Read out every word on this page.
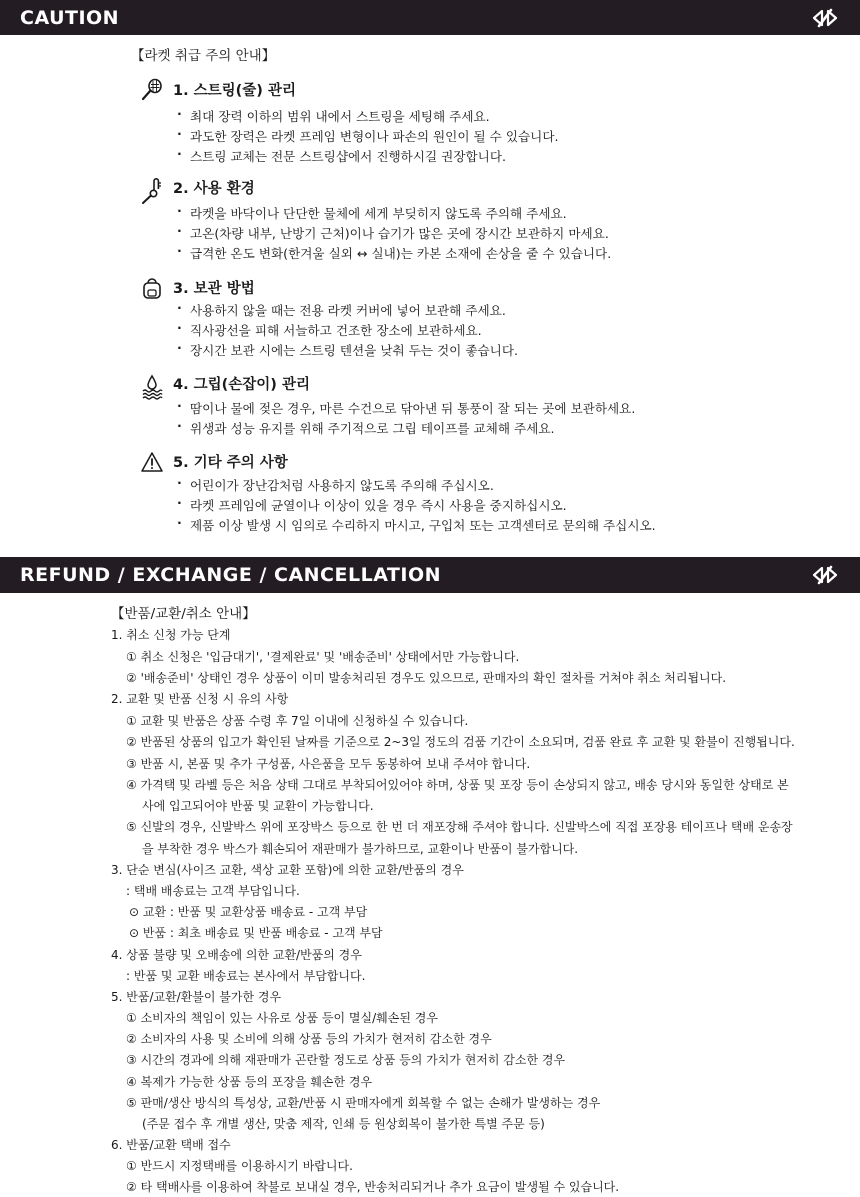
CAUTION
【라켓 취급 주의 안내】
1. 스트링(줄) 관리
· 최대 장력 이하의 범위 내에서 스트링을 세팅해 주세요.
· 과도한 장력은 라켓 프레임 변형이나 파손의 원인이 될 수 있습니다.
· 스트링 교체는 전문 스트링샵에서 진행하시길 권장합니다.
2. 사용 환경
· 라켓을 바닥이나 단단한 물체에 세게 부딪히지 않도록 주의해 주세요.
· 고온(차량 내부, 난방기 근처)이나 습기가 많은 곳에 장시간 보관하지 마세요.
· 급격한 온도 변화(한겨울 실외 ↔ 실내)는 카본 소재에 손상을 줄 수 있습니다.
3. 보관 방법
· 사용하지 않을 때는 전용 라켓 커버에 넣어 보관해 주세요.
· 직사광선을 피해 서늘하고 건조한 장소에 보관하세요.
· 장시간 보관 시에는 스트링 텐션을 낮춰 두는 것이 좋습니다.
4. 그립(손잡이) 관리
· 땀이나 물에 젖은 경우, 마른 수건으로 닦아낸 뒤 통풍이 잘 되는 곳에 보관하세요.
· 위생과 성능 유지를 위해 주기적으로 그립 테이프를 교체해 주세요.
5. 기타 주의 사항
· 어린이가 장난감처럼 사용하지 않도록 주의해 주십시오.
· 라켓 프레임에 균열이나 이상이 있을 경우 즉시 사용을 중지하십시오.
· 제품 이상 발생 시 임의로 수리하지 마시고, 구입처 또는 고객센터로 문의해 주십시오.
REFUND / EXCHANGE / CANCELLATION
【반품/교환/취소 안내】
1. 취소 신청 가능 단계
① 취소 신청은 '입금대기', '결제완료' 및 '배송준비' 상태에서만 가능합니다.
② '배송준비' 상태인 경우 상품이 이미 발송처리된 경우도 있으므로, 판매자의 확인 절차를 거쳐야 취소 처리됩니다.
2. 교환 및 반품 신청 시 유의 사항
① 교환 및 반품은 상품 수령 후 7일 이내에 신청하실 수 있습니다.
② 반품된 상품의 입고가 확인된 날짜를 기준으로 2~3일 정도의 검품 기간이 소요되며, 검품 완료 후 교환 및 환불이 진행됩니다.
③ 반품 시, 본품 및 추가 구성품, 사은품을 모두 동봉하여 보내 주셔야 합니다.
④ 가격택 및 라벨 등은 처음 상태 그대로 부착되어있어야 하며, 상품 및 포장 등이 손상되지 않고, 배송 당시와 동일한 상태로 본
사에 입고되어야 반품 및 교환이 가능합니다.
⑤ 신발의 경우, 신발박스 위에 포장박스 등으로 한 번 더 재포장해 주셔야 합니다. 신발박스에 직접 포장용 테이프나 택배 운송장
을 부착한 경우 박스가 훼손되어 재판매가 불가하므로, 교환이나 반품이 불가합니다.
3. 단순 변심(사이즈 교환, 색상 교환 포함)에 의한 교환/반품의 경우
: 택배 배송료는 고객 부담입니다.
⊙ 교환 : 반품 및 교환상품 배송료 - 고객 부담
⊙ 반품 : 최초 배송료 및 반품 배송료 - 고객 부담
4. 상품 불량 및 오배송에 의한 교환/반품의 경우
: 반품 및 교환 배송료는 본사에서 부담합니다.
5. 반품/교환/환불이 불가한 경우
① 소비자의 책임이 있는 사유로 상품 등이 멸실/훼손된 경우
② 소비자의 사용 및 소비에 의해 상품 등의 가치가 현저히 감소한 경우
③ 시간의 경과에 의해 재판매가 곤란할 정도로 상품 등의 가치가 현저히 감소한 경우
④ 복제가 가능한 상품 등의 포장을 훼손한 경우
⑤ 판매/생산 방식의 특성상, 교환/반품 시 판매자에게 회복할 수 없는 손해가 발생하는 경우
(주문 접수 후 개별 생산, 맞춤 제작, 인쇄 등 원상회복이 불가한 특별 주문 등)
6. 반품/교환 택배 접수
① 반드시 지정택배를 이용하시기 바랍니다.
② 타 택배사를 이용하여 착불로 보내실 경우, 반송처리되거나 추가 요금이 발생될 수 있습니다.
